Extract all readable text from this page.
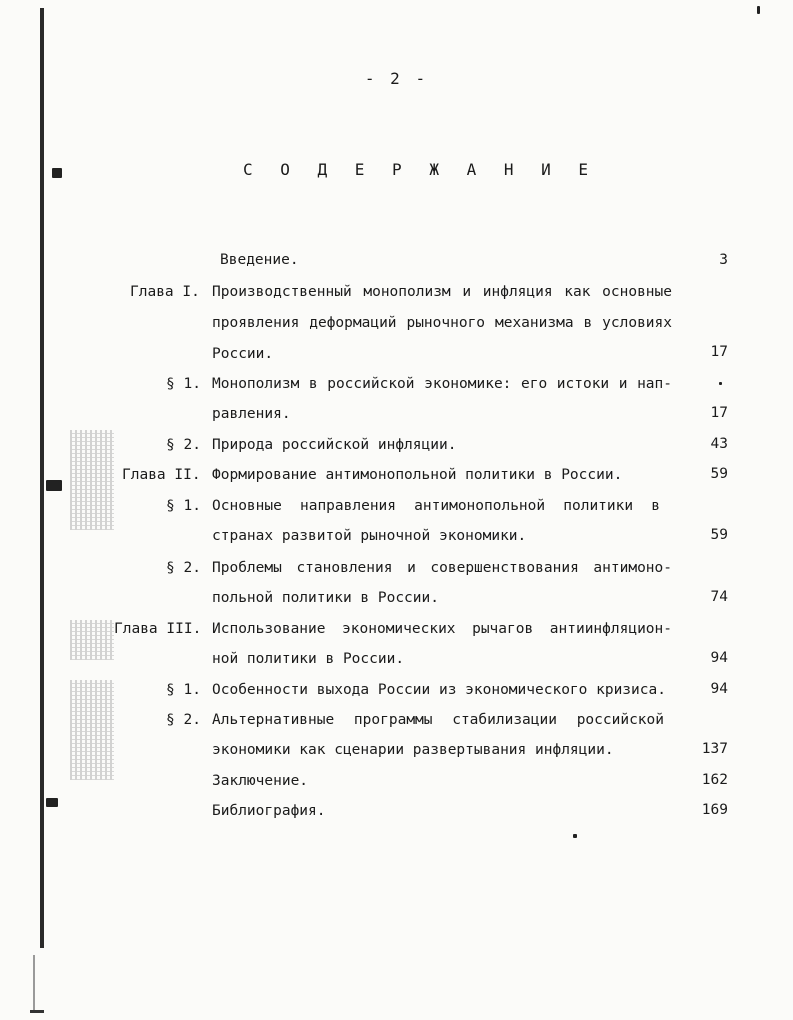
- 2 -
С О Д Е Р Ж А Н И Е
Введение.	3
Глава I. Производственный монополизм и инфляция как основные
проявления деформаций рыночного механизма в условиях
России.	17
§ 1. Монополизм в российской экономике: его истоки и нап-
равления.	17
§ 2. Природа российской инфляции.	43
Глава II. Формирование антимонопольной политики в России.	59
§ 1. Основные направления антимонопольной политики в
странах развитой рыночной экономики.	59
§ 2. Проблемы становления и совершенствования антимоно-
польной политики в России.	74
Глава III. Использование экономических рычагов антиинфляцион-
ной политики в России.	94
§ 1. Особенности выхода России из экономического кризиса.	94
§ 2. Альтернативные программы стабилизации российской
экономики как сценарии развертывания инфляции.	137
Заключение.	162
Библиография.	169
